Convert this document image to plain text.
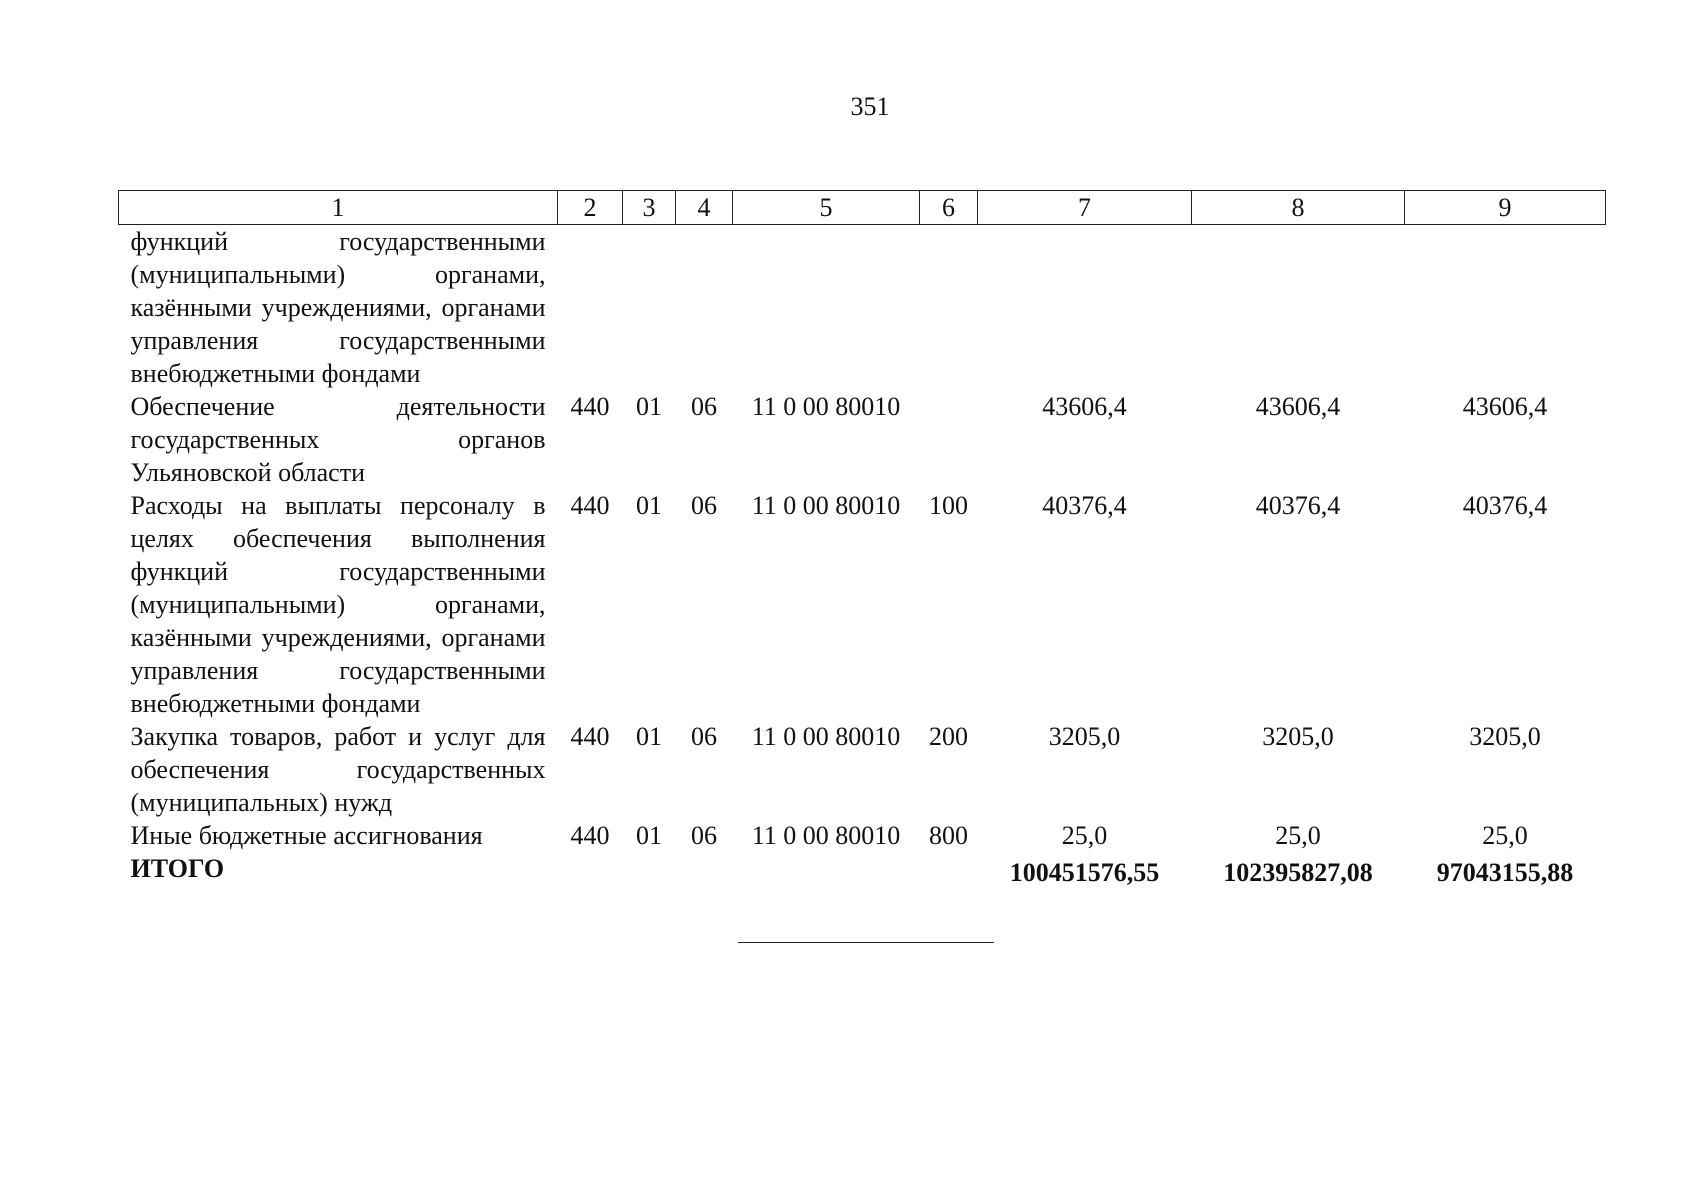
351
1	2	3	4	5	6	7	8	9
функций государственными (муниципальными) органами, казёнными учреждениями, органами управления государственными внебюджетными фондами								
Обеспечение деятельности государственных органов Ульяновской области	440	01	06	11 0 00 80010		43606,4	43606,4	43606,4
Расходы на выплаты персоналу в целях обеспечения выполнения функций государственными (муниципальными) органами, казёнными учреждениями, органами управления государственными внебюджетными фондами	440	01	06	11 0 00 80010	100	40376,4	40376,4	40376,4
Закупка товаров, работ и услуг для обеспечения государственных (муниципальных) нужд	440	01	06	11 0 00 80010	200	3205,0	3205,0	3205,0
Иные бюджетные ассигнования	440	01	06	11 0 00 80010	800	25,0	25,0	25,0
ИТОГО						100451576,55	102395827,08	97043155,88
